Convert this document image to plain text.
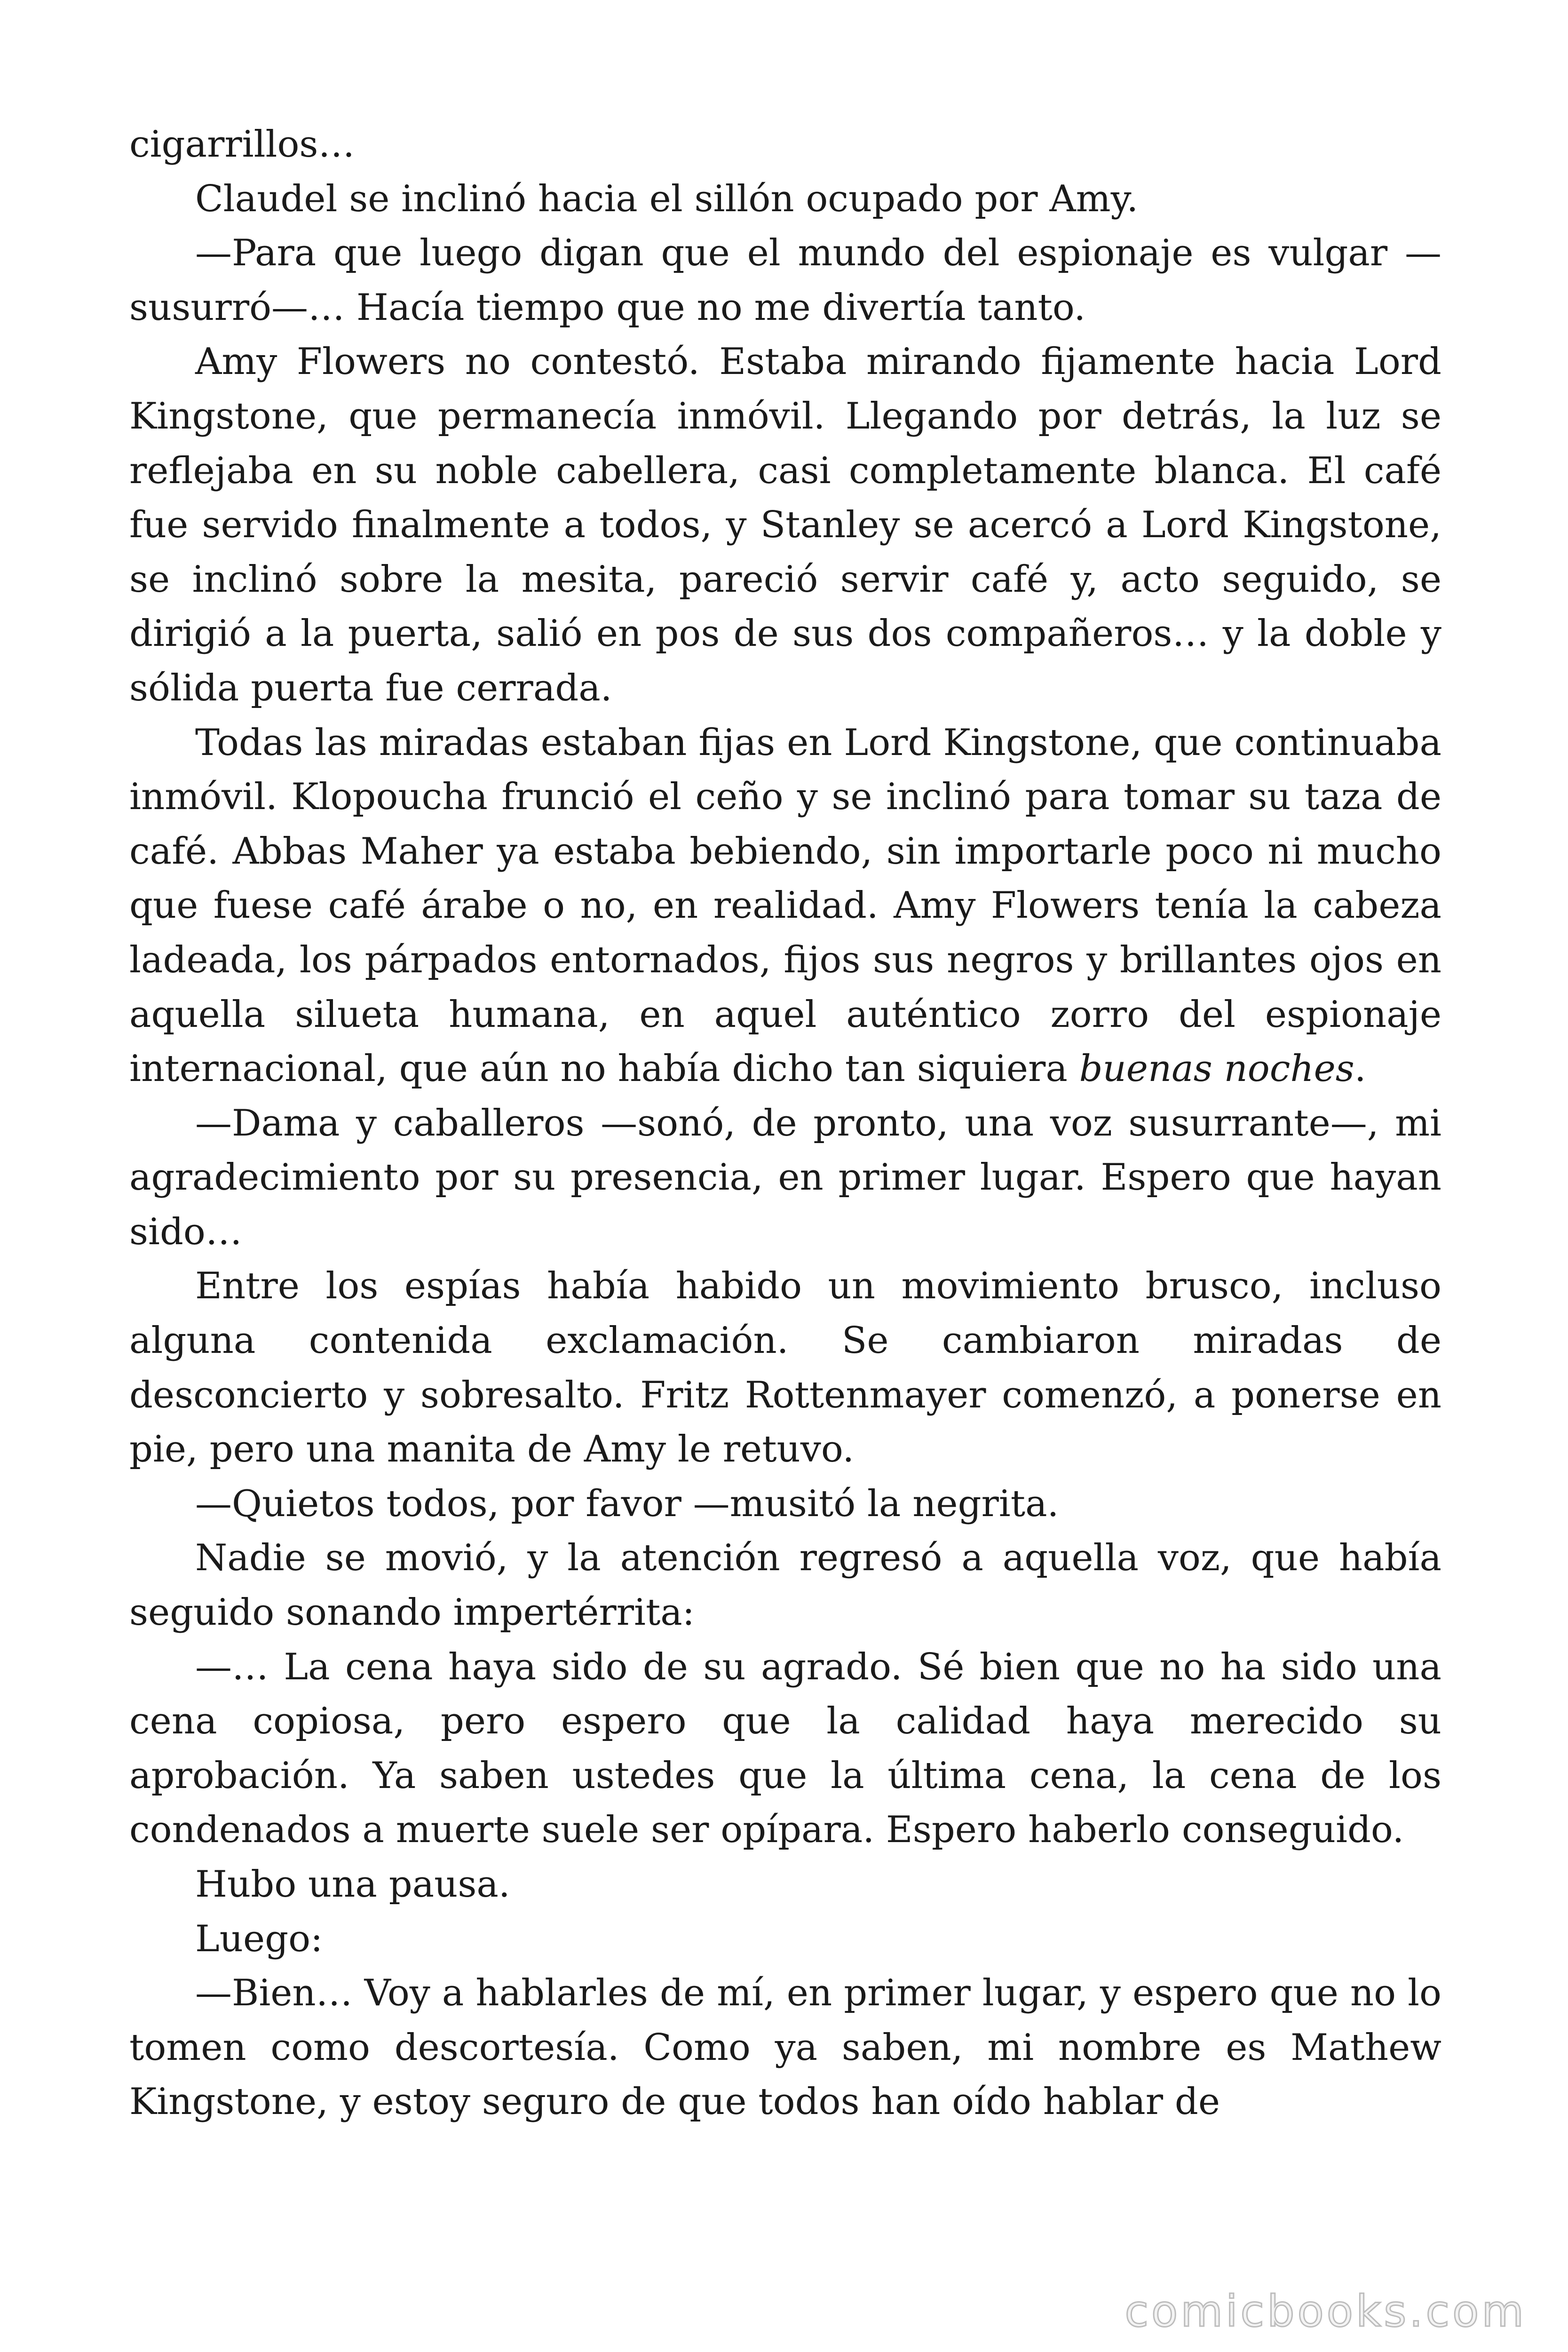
cigarrillos…

Claudel se inclinó hacia el sillón ocupado por Amy.

—Para que luego digan que el mundo del espionaje es vulgar —susurró—… Hacía tiempo que no me divertía tanto.

Amy Flowers no contestó. Estaba mirando fijamente hacia Lord Kingstone, que permanecía inmóvil. Llegando por detrás, la luz se reflejaba en su noble cabellera, casi completamente blanca. El café fue servido finalmente a todos, y Stanley se acercó a Lord Kingstone, se inclinó sobre la mesita, pareció servir café y, acto seguido, se dirigió a la puerta, salió en pos de sus dos compañeros… y la doble y sólida puerta fue cerrada.

Todas las miradas estaban fijas en Lord Kingstone, que continuaba inmóvil. Klopoucha frunció el ceño y se inclinó para tomar su taza de café. Abbas Maher ya estaba bebiendo, sin importarle poco ni mucho que fuese café árabe o no, en realidad. Amy Flowers tenía la cabeza ladeada, los párpados entornados, fijos sus negros y brillantes ojos en aquella silueta humana, en aquel auténtico zorro del espionaje internacional, que aún no había dicho tan siquiera buenas noches.

—Dama y caballeros —sonó, de pronto, una voz susurrante—, mi agradecimiento por su presencia, en primer lugar. Espero que hayan sido…

Entre los espías había habido un movimiento brusco, incluso alguna contenida exclamación. Se cambiaron miradas de desconcierto y sobresalto. Fritz Rottenmayer comenzó, a ponerse en pie, pero una manita de Amy le retuvo.

—Quietos todos, por favor —musitó la negrita.

Nadie se movió, y la atención regresó a aquella voz, que había seguido sonando impertérrita:

—… La cena haya sido de su agrado. Sé bien que no ha sido una cena copiosa, pero espero que la calidad haya merecido su aprobación. Ya saben ustedes que la última cena, la cena de los condenados a muerte suele ser opípara. Espero haberlo conseguido.

Hubo una pausa.

Luego:

—Bien… Voy a hablarles de mí, en primer lugar, y espero que no lo tomen como descortesía. Como ya saben, mi nombre es Mathew Kingstone, y estoy seguro de que todos han oído hablar de

comicbooks.com
